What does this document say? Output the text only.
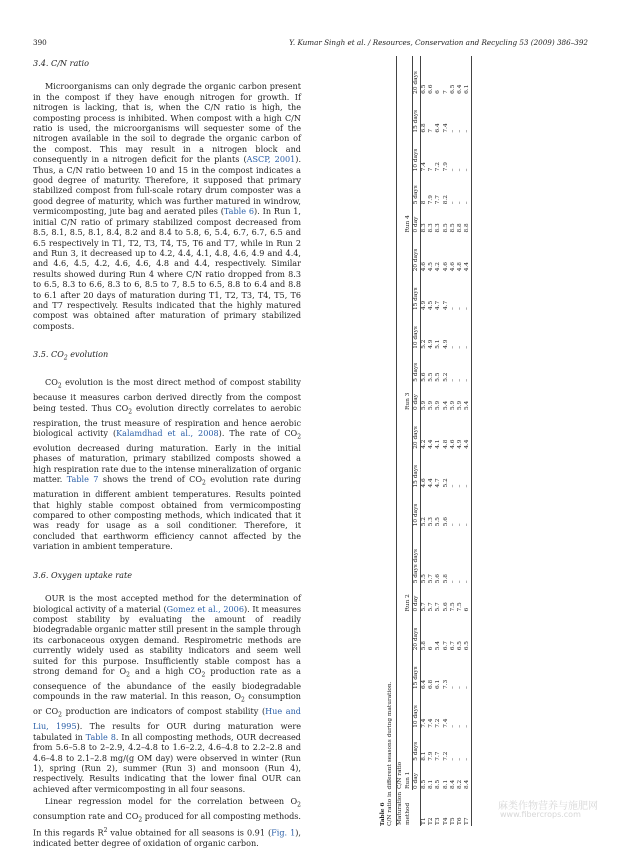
390	Y. Kumar Singh et al. / Resources, Conservation and Recycling 53 (2009) 386–392
3.4. C/N ratio

Microorganisms can only degrade the organic carbon present in the compost if they have enough nitrogen for growth. If nitrogen is lacking, that is, when the C/N ratio is high, the composting process is inhibited. When compost with a high C/N ratio is used, the microorganisms will sequester some of the nitrogen available in the soil to degrade the organic carbon of the compost. This may result in a nitrogen block and consequently in a nitrogen deficit for the plants (ASCP, 2001). Thus, a C/N ratio between 10 and 15 in the compost indicates a good degree of maturity. Therefore, it supposed that primary stabilized compost from full-scale rotary drum composter was a good degree of maturity, which was further matured in windrow, vermicomposting, jute bag and aerated piles (Table 6). In Run 1, initial C/N ratio of primary stabilized compost decreased from 8.5, 8.1, 8.5, 8.1, 8.4, 8.2 and 8.4 to 5.8, 6, 5.4, 6.7, 6.7, 6.5 and 6.5 respectively in T1, T2, T3, T4, T5, T6 and T7, while in Run 2 and Run 3, it decreased up to 4.2, 4.4, 4.1, 4.8, 4.6, 4.9 and 4.4, and 4.6, 4.5, 4.2, 4.6, 4.6, 4.8 and 4.4, respectively. Similar results showed during Run 4 where C/N ratio dropped from 8.3 to 6.5, 8.3 to 6.6, 8.3 to 6, 8.5 to 7, 8.5 to 6.5, 8.8 to 6.4 and 8.8 to 6.1 after 20 days of maturation during T1, T2, T3, T4, T5, T6 and T7 respectively. Results indicated that the highly matured compost was obtained after maturation of primary stabilized composts.

3.5. $CO_2$ evolution

$CO_2$ evolution is the most direct method of compost stability because it measures carbon derived directly from the compost being tested. Thus $CO_2$ evolution directly correlates to aerobic respiration, the trust measure of respiration and hence aerobic biological activity (Kalamdhad et al., 2008). The rate of $CO_2$ evolution decreased during maturation. Early in the initial phases of maturation, primary stabilized composts showed a high respiration rate due to the intense mineralization of organic matter. Table 7 shows the trend of $CO_2$ evolution rate during maturation in different ambient temperatures. Results pointed that highly stable compost obtained from vermicomposting compared to other composting methods, which indicated that it was ready for usage as a soil conditioner. Therefore, it concluded that earthworm efficiency cannot affected by the variation in ambient temperature.

3.6. Oxygen uptake rate

OUR is the most accepted method for the determination of biological activity of a material (Gomez et al., 2006). It measures compost stability by evaluating the amount of readily biodegradable organic matter still present in the sample through its carbonaceous oxygen demand. Respirometric methods are currently widely used as stability indicators and seem well suited for this purpose. Insufficiently stable compost has a strong demand for $O_2$ and a high $CO_2$ production rate as a consequence of the abundance of the easily biodegradable compounds in the raw material. In this reason, $O_2$ consumption or $CO_2$ production are indicators of compost stability (Hue and Liu, 1995). The results for OUR during maturation were tabulated in Table 8. In all composting methods, OUR decreased from 5.6–5.8 to 2–2.9, 4.2–4.8 to 1.6–2.2, 4.6–4.8 to 2.2–2.8 and 4.6–4.8 to 2.1–2.8 mg/(g OM day) were observed in winter (Run 1), spring (Run 2), summer (Run 3) and monsoon (Run 4), respectively. Results indicating that the lower final OUR can achieved after vermicomposting in all four seasons.

Linear regression model for the correlation between $O_2$ consumption rate and $CO_2$ produced for all composting methods. In this regards $R^2$ value obtained for all seasons is 0.91 (Fig. 1), indicated better degree of oxidation of organic carbon.

Table 6 C/N ratio in different seasons during maturation. Maturation method	C/N ratio																			
	Run 1					Run 2					Run 3					Run 4				
	0 day	5 days	10 days	15 days	20 days	0 day	5 days days	10 days	15 days	20 days	0 day	5 days	10 days	15 days	20 days	0 day	5 days	10 days	15 days	20 days
T1	8.5	8.1	7.4	6.4	5.8	5.7	5.5	5.2	4.6	4.2	5.9	5.6	5.2	4.9	4.6	8.3	8	7.4	6.8	6.5
T2	8.1	7.9	7.4	6.8	6	5.7	5.7	5.3	4.4	4.4	5.9	5.5	4.9	4.5	4.5	8.3	7.9	7	7	6.6
T3	8.5	7.7	7.2	6.1	5.4	5.7	5.6	5.5	4.7	4.1	5.9	5.5	5.1	4.7	4.2	8.3	7.7	7.2	6.4	6
T4	8.1	7.2	7.4	7.3	6.7	5.6	5.8	5.6	5.2	4.8	5.4	5.2	4.9	4.7	4.6	8.5	8.2	7.9	7.4	7
T5	8.4	–	–	–	6.7	7.5	–	–	–	4.6	5.9	–	–	–	4.6	8.5	–	–	–	6.5
T6	8.2	–	–	–	6.5	7.5	–	–	–	4.9	5.9	–	–	–	4.8	8.8	–	–	–	6.4
T7	8.4	–	–	–	6.5	6	–	–	–	4.4	5.4	–	–	–	4.4	8.8	–	–	–	6.1
麻类作物营养与施肥网
www.fibercrops.com
